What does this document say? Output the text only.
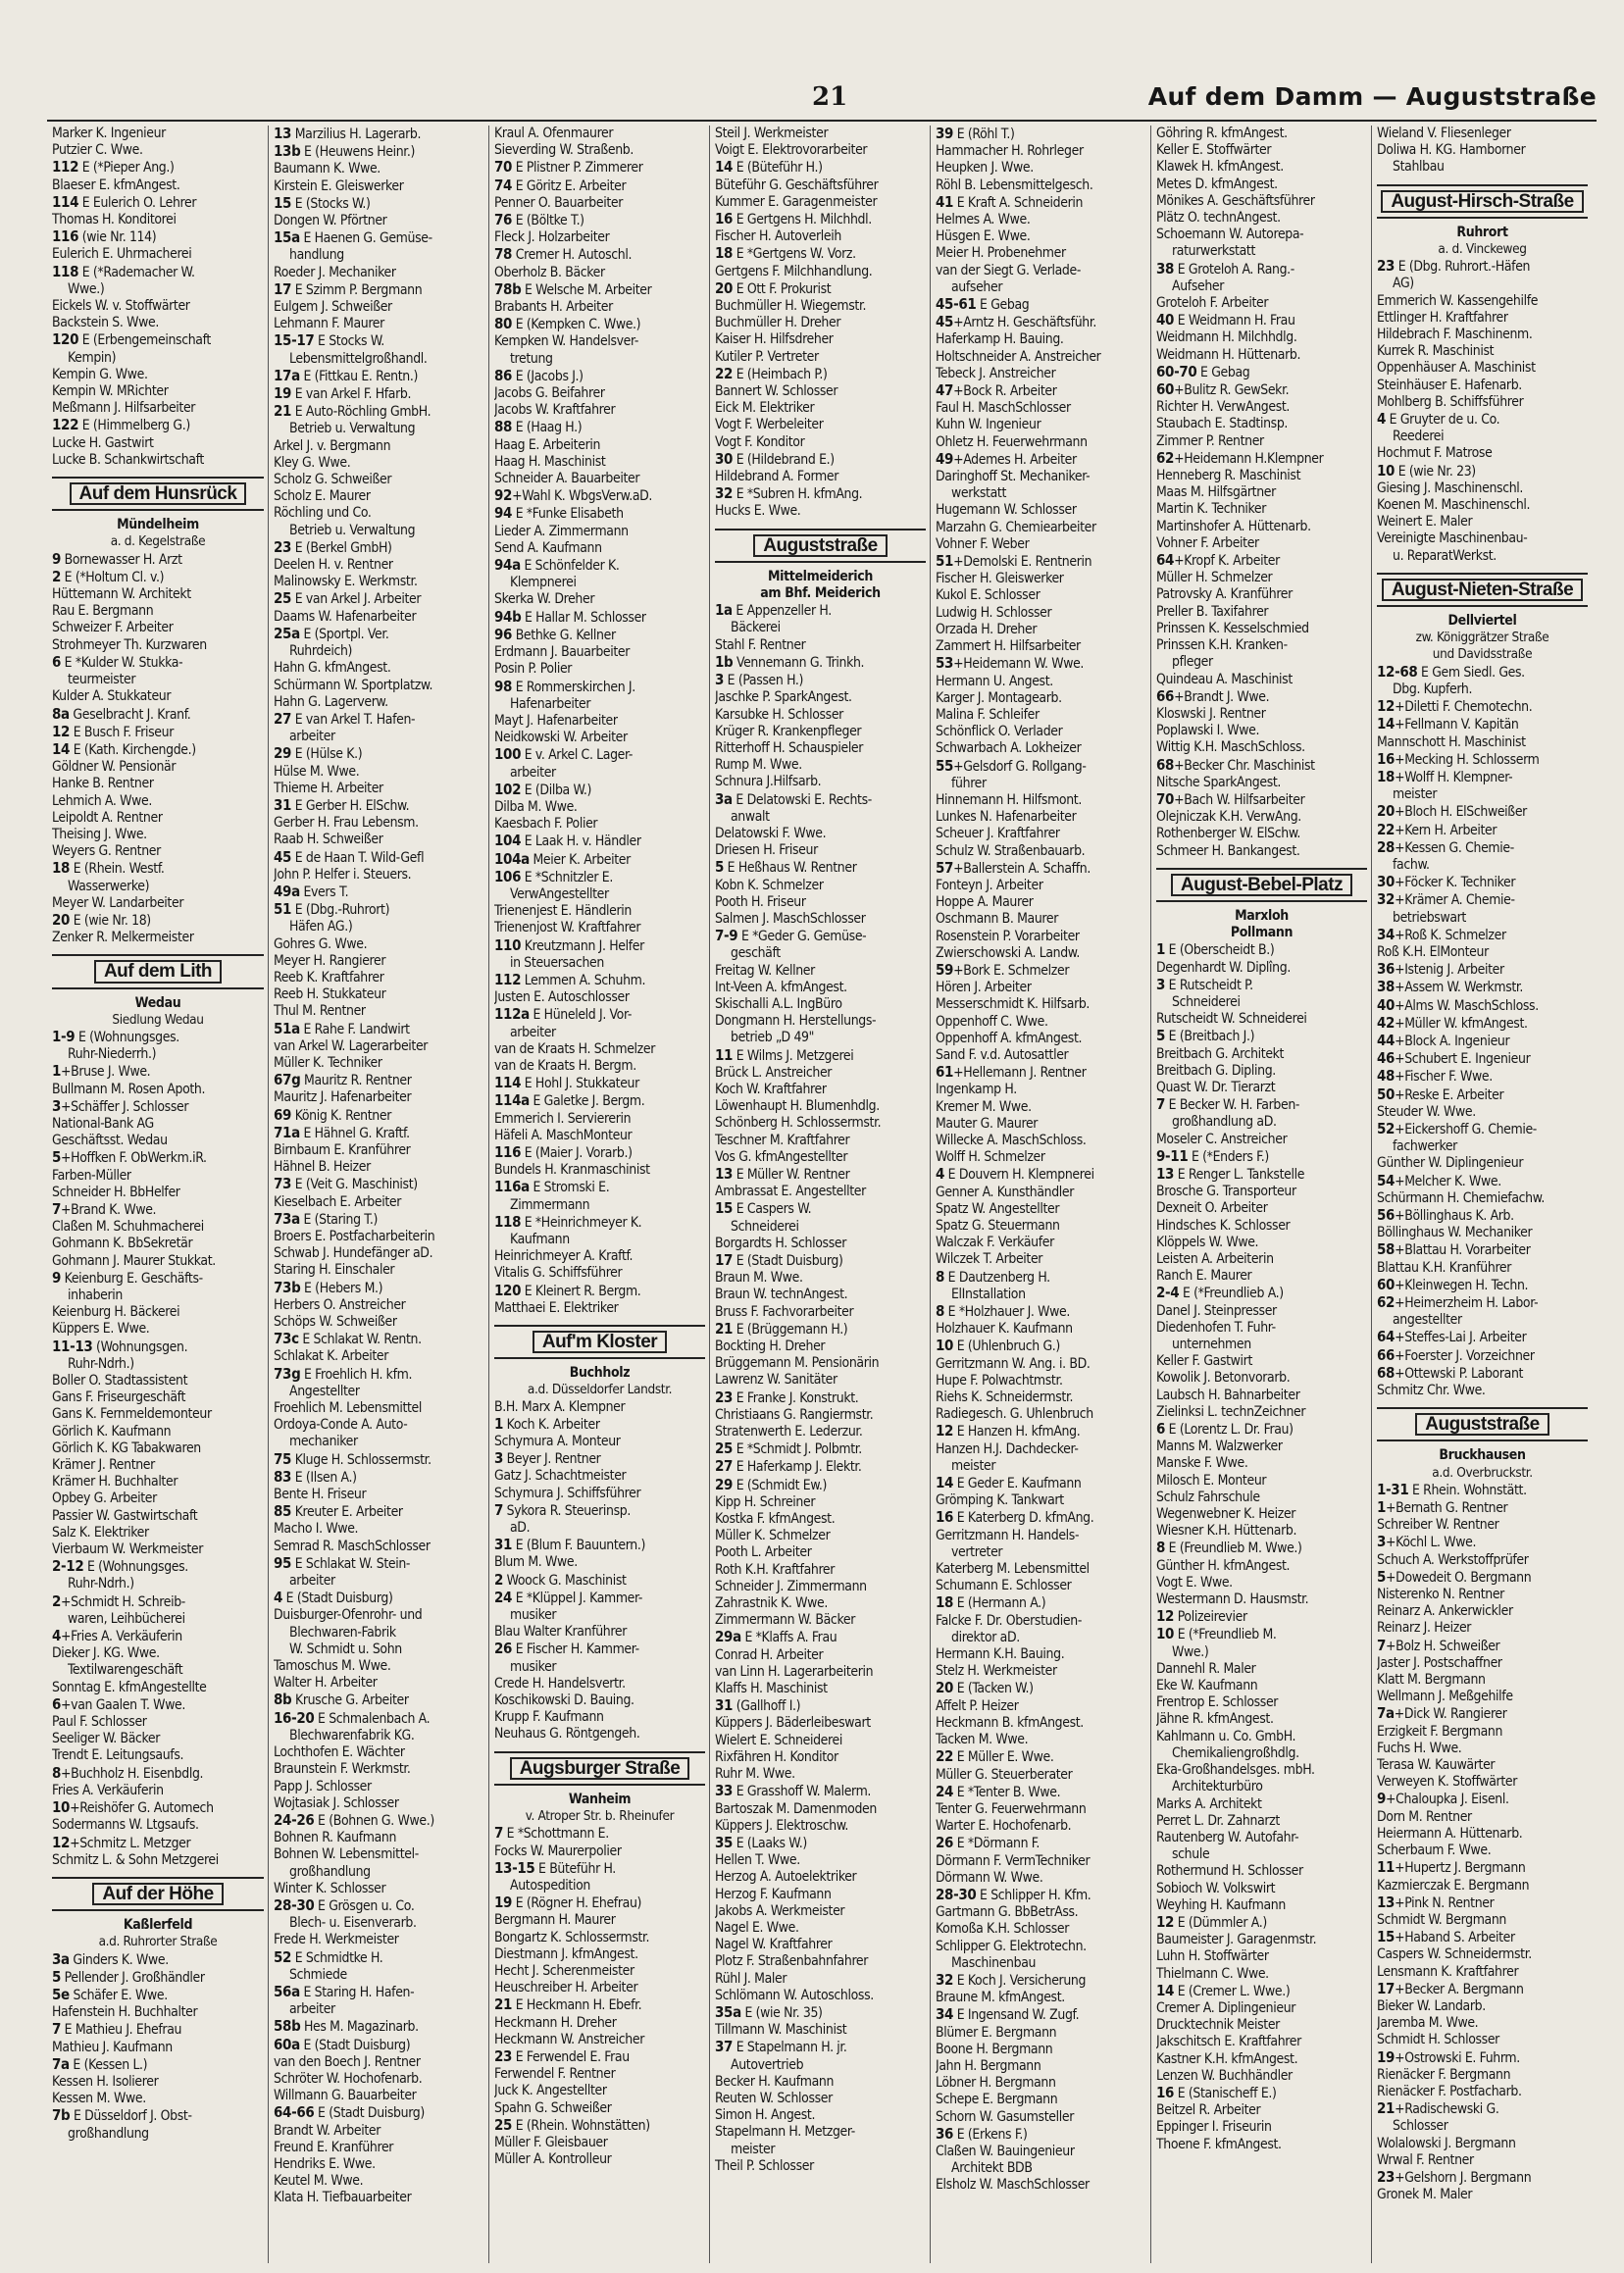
21	Auf dem Damm — Auguststraße
Marker K. Ingenieur
Putzier C. Wwe.
112 E (*Pieper Ang.)
Blaeser E. kfmAngest.
114 E Eulerich O. Lehrer
Thomas H. Konditorei
116 (wie Nr. 114)
Eulerich E. Uhrmacherei
118 E (*Rademacher W.
Wwe.)
Eickels W. v. Stoffwärter
Backstein S. Wwe.
120 E (Erbengemeinschaft
Kempin)
Kempin G. Wwe.
Kempin W. MRichter
Meßmann J. Hilfsarbeiter
122 E (Himmelberg G.)
Lucke H. Gastwirt
Lucke B. Schankwirtschaft
Auf dem Hunsrück
Mündelheim
a. d. Kegelstraße
9 Bornewasser H. Arzt
2 E (*Holtum Cl. v.)
Hüttemann W. Architekt
Rau E. Bergmann
Schweizer F. Arbeiter
Strohmeyer Th. Kurzwaren
6 E *Kulder W. Stukka-
teurmeister
Kulder A. Stukkateur
8a Geselbracht J. Kranf.
12 E Busch F. Friseur
14 E (Kath. Kirchengde.)
Göldner W. Pensionär
Hanke B. Rentner
Lehmich A. Wwe.
Leipoldt A. Rentner
Theising J. Wwe.
Weyers G. Rentner
18 E (Rhein. Westf.
Wasserwerke)
Meyer W. Landarbeiter
20 E (wie Nr. 18)
Zenker R. Melkermeister
Auf dem Lith
Wedau
Siedlung Wedau
1-9 E (Wohnungsges.
Ruhr-Niederrh.)
1+Bruse J. Wwe.
Bullmann M. Rosen Apoth.
3+Schäffer J. Schlosser
National-Bank AG
Geschäftsst. Wedau
5+Hoffken F. ObWerkm.iR.
Farben-Müller
Schneider H. BbHelfer
7+Brand K. Wwe.
Claßen M. Schuhmacherei
Gohmann K. BbSekretär
Gohmann J. Maurer Stukkat.
9 Keienburg E. Geschäfts-
inhaberin
Keienburg H. Bäckerei
Küppers E. Wwe.
11-13 (Wohnungsgen.
Ruhr-Ndrh.)
Boller O. Stadtassistent
Gans F. Friseurgeschäft
Gans K. Fernmeldemonteur
Görlich K. Kaufmann
Görlich K. KG Tabakwaren
Krämer J. Rentner
Krämer H. Buchhalter
Opbey G. Arbeiter
Passier W. Gastwirtschaft
Salz K. Elektriker
Vierbaum W. Werkmeister
2-12 E (Wohnungsges.
Ruhr-Ndrh.)
2+Schmidt H. Schreib-
waren, Leihbücherei
4+Fries A. Verkäuferin
Dieker J. KG. Wwe.
Textilwarengeschäft
Sonntag E. kfmAngestellte
6+van Gaalen T. Wwe.
Paul F. Schlosser
Seeliger W. Bäcker
Trendt E. Leitungsaufs.
8+Buchholz H. Eisenbdlg.
Fries A. Verkäuferin
10+Reishöfer G. Automech
Sodermanns W. Ltgsaufs.
12+Schmitz L. Metzger
Schmitz L. & Sohn Metzgerei
Auf der Höhe
Kaßlerfeld
a.d. Ruhrorter Straße
3a Ginders K. Wwe.
5 Pellender J. Großhändler
5e Schäfer E. Wwe.
Hafenstein H. Buchhalter
7 E Mathieu J. Ehefrau
Mathieu J. Kaufmann
7a E (Kessen L.)
Kessen H. Isolierer
Kessen M. Wwe.
7b E Düsseldorf J. Obst-
großhandlung
13 Marzilius H. Lagerarb.
13b E (Heuwens Heinr.)
Baumann K. Wwe.
Kirstein E. Gleiswerker
15 E (Stocks W.)
Dongen W. Pförtner
15a E Haenen G. Gemüse-
handlung
Roeder J. Mechaniker
17 E Szimm P. Bergmann
Eulgem J. Schweißer
Lehmann F. Maurer
15-17 E Stocks W.
Lebensmittelgroßhandl.
17a E (Fittkau E. Rentn.)
19 E van Arkel F. Hfarb.
21 E Auto-Röchling GmbH.
Betrieb u. Verwaltung
Arkel J. v. Bergmann
Kley G. Wwe.
Scholz G. Schweißer
Scholz E. Maurer
Röchling und Co.
Betrieb u. Verwaltung
23 E (Berkel GmbH)
Deelen H. v. Rentner
Malinowsky E. Werkmstr.
25 E van Arkel J. Arbeiter
Daams W. Hafenarbeiter
25a E (Sportpl. Ver.
Ruhrdeich)
Hahn G. kfmAngest.
Schürmann W. Sportplatzw.
Hahn G. Lagerverw.
27 E van Arkel T. Hafen-
arbeiter
29 E (Hülse K.)
Hülse M. Wwe.
Thieme H. Arbeiter
31 E Gerber H. ElSchw.
Gerber H. Frau Lebensm.
Raab H. Schweißer
45 E de Haan T. Wild-Gefl
John P. Helfer i. Steuers.
49a Evers T.
51 E (Dbg.-Ruhrort)
Häfen AG.)
Gohres G. Wwe.
Meyer H. Rangierer
Reeb K. Kraftfahrer
Reeb H. Stukkateur
Thul M. Rentner
51a E Rahe F. Landwirt
van Arkel W. Lagerarbeiter
Müller K. Techniker
67g Mauritz R. Rentner
Mauritz J. Hafenarbeiter
69 König K. Rentner
71a E Hähnel G. Kraftf.
Birnbaum E. Kranführer
Hähnel B. Heizer
73 E (Veit G. Maschinist)
Kieselbach E. Arbeiter
73a E (Staring T.)
Broers E. Postfacharbeiterin
Schwab J. Hundefänger aD.
Staring H. Einschaler
73b E (Hebers M.)
Herbers O. Anstreicher
Schöps W. Schweißer
73c E Schlakat W. Rentn.
Schlakat K. Arbeiter
73g E Froehlich H. kfm.
Angestellter
Froehlich M. Lebensmittel
Ordoya-Conde A. Auto-
mechaniker
75 Kluge H. Schlossermstr.
83 E (Ilsen A.)
Bente H. Friseur
85 Kreuter E. Arbeiter
Macho I. Wwe.
Semrad R. MaschSchlosser
95 E Schlakat W. Stein-
arbeiter
4 E (Stadt Duisburg)
Duisburger-Ofenrohr- und
Blechwaren-Fabrik
W. Schmidt u. Sohn
Tamoschus M. Wwe.
Walter H. Arbeiter
8b Krusche G. Arbeiter
16-20 E Schmalenbach A.
Blechwarenfabrik KG.
Lochthofen E. Wächter
Braunstein F. Werkmstr.
Papp J. Schlosser
Wojtasiak J. Schlosser
24-26 E (Bohnen G. Wwe.)
Bohnen R. Kaufmann
Bohnen W. Lebensmittel-
großhandlung
Winter K. Schlosser
28-30 E Grösgen u. Co.
Blech- u. Eisenverarb.
Frede H. Werkmeister
52 E Schmidtke H.
Schmiede
56a E Staring H. Hafen-
arbeiter
58b Hes M. Magazinarb.
60a E (Stadt Duisburg)
van den Boech J. Rentner
Schröter W. Hochofenarb.
Willmann G. Bauarbeiter
64-66 E (Stadt Duisburg)
Brandt W. Arbeiter
Freund E. Kranführer
Hendriks E. Wwe.
Keutel M. Wwe.
Klata H. Tiefbauarbeiter
Kraul A. Ofenmaurer
Sieverding W. Straßenb.
70 E Plistner P. Zimmerer
74 E Göritz E. Arbeiter
Penner O. Bauarbeiter
76 E (Böltke T.)
Fleck J. Holzarbeiter
78 Cremer H. Autoschl.
Oberholz B. Bäcker
78b E Welsche M. Arbeiter
Brabants H. Arbeiter
80 E (Kempken C. Wwe.)
Kempken W. Handelsver-
tretung
86 E (Jacobs J.)
Jacobs G. Beifahrer
Jacobs W. Kraftfahrer
88 E (Haag H.)
Haag E. Arbeiterin
Haag H. Maschinist
Schneider A. Bauarbeiter
92+Wahl K. WbgsVerw.aD.
94 E *Funke Elisabeth
Lieder A. Zimmermann
Send A. Kaufmann
94a E Schönfelder K.
Klempnerei
Skerka W. Dreher
94b E Hallar M. Schlosser
96 Bethke G. Kellner
Erdmann J. Bauarbeiter
Posin P. Polier
98 E Rommerskirchen J.
Hafenarbeiter
Mayt J. Hafenarbeiter
Neidkowski W. Arbeiter
100 E v. Arkel C. Lager-
arbeiter
102 E (Dilba W.)
Dilba M. Wwe.
Kaesbach F. Polier
104 E Laak H. v. Händler
104a Meier K. Arbeiter
106 E *Schnitzler E.
VerwAngestellter
Trienenjest E. Händlerin
Trienenjost W. Kraftfahrer
110 Kreutzmann J. Helfer
in Steuersachen
112 Lemmen A. Schuhm.
Justen E. Autoschlosser
112a E Hüneleld J. Vor-
arbeiter
van de Kraats H. Schmelzer
van de Kraats H. Bergm.
114 E Hohl J. Stukkateur
114a E Galetke J. Bergm.
Emmerich I. Serviererin
Häfeli A. MaschMonteur
116 E (Maier J. Vorarb.)
Bundels H. Kranmaschinist
116a E Stromski E.
Zimmermann
118 E *Heinrichmeyer K.
Kaufmann
Heinrichmeyer A. Kraftf.
Vitalis G. Schiffsführer
120 E Kleinert R. Bergm.
Matthaei E. Elektriker
Auf'm Kloster
Buchholz
a.d. Düsseldorfer Landstr.
B.H. Marx A. Klempner
1 Koch K. Arbeiter
Schymura A. Monteur
3 Beyer J. Rentner
Gatz J. Schachtmeister
Schymura J. Schiffsführer
7 Sykora R. Steuerinsp.
aD.
31 E (Blum F. Bauuntern.)
Blum M. Wwe.
2 Woock G. Maschinist
24 E *Klüppel J. Kammer-
musiker
Blau Walter Kranführer
26 E Fischer H. Kammer-
musiker
Crede H. Handelsvertr.
Koschikowski D. Bauing.
Krupp F. Kaufmann
Neuhaus G. Röntgengeh.
Augsburger Straße
Wanheim
v. Atroper Str. b. Rheinufer
7 E *Schottmann E.
Focks W. Maurerpolier
13-15 E Büteführ H.
Autospedition
19 E (Rögner H. Ehefrau)
Bergmann H. Maurer
Bongartz K. Schlossermstr.
Diestmann J. kfmAngest.
Hecht J. Scherenmeister
Heuschreiber H. Arbeiter
21 E Heckmann H. Ebefr.
Heckmann H. Dreher
Heckmann W. Anstreicher
23 E Ferwendel E. Frau
Ferwendel F. Rentner
Juck K. Angestellter
Spahn G. Schweißer
25 E (Rhein. Wohnstätten)
Müller F. Gleisbauer
Müller A. Kontrolleur
Steil J. Werkmeister
Voigt E. Elektrovorarbeiter
14 E (Büteführ H.)
Büteführ G. Geschäftsführer
Kummer E. Garagenmeister
16 E Gertgens H. Milchhdl.
Fischer H. Autoverleih
18 E *Gertgens W. Vorz.
Gertgens F. Milchhandlung.
20 E Ott F. Prokurist
Buchmüller H. Wiegemstr.
Buchmüller H. Dreher
Kaiser H. Hilfsdreher
Kutiler P. Vertreter
22 E (Heimbach P.)
Bannert W. Schlosser
Eick M. Elektriker
Vogt F. Werbeleiter
Vogt F. Konditor
30 E (Hildebrand E.)
Hildebrand A. Former
32 E *Subren H. kfmAng.
Hucks E. Wwe.
Auguststraße
Mittelmeiderich
am Bhf. Meiderich
1a E Appenzeller H.
Bäckerei
Stahl F. Rentner
1b Vennemann G. Trinkh.
3 E (Passen H.)
Jaschke P. SparkAngest.
Karsubke H. Schlosser
Krüger R. Krankenpfleger
Ritterhoff H. Schauspieler
Rump M. Wwe.
Schnura J.Hilfsarb.
3a E Delatowski E. Rechts-
anwalt
Delatowski F. Wwe.
Driesen H. Friseur
5 E Heßhaus W. Rentner
Kobn K. Schmelzer
Pooth H. Friseur
Salmen J. MaschSchlosser
7-9 E *Geder G. Gemüse-
geschäft
Freitag W. Kellner
Int-Veen A. kfmAngest.
Skischalli A.L. IngBüro
Dongmann H. Herstellungs-
betrieb „D 49"
11 E Wilms J. Metzgerei
Brück L. Anstreicher
Koch W. Kraftfahrer
Löwenhaupt H. Blumenhdlg.
Schönberg H. Schlossermstr.
Teschner M. Kraftfahrer
Vos G. kfmAngestellter
13 E Müller W. Rentner
Ambrassat E. Angestellter
15 E Caspers W.
Schneiderei
Borgardts H. Schlosser
17 E (Stadt Duisburg)
Braun M. Wwe.
Braun W. technAngest.
Bruss F. Fachvorarbeiter
21 E (Brüggemann H.)
Bockting H. Dreher
Brüggemann M. Pensionärin
Lawrenz W. Sanitäter
23 E Franke J. Konstrukt.
Christiaans G. Rangiermstr.
Stratenwerth E. Lederzur.
25 E *Schmidt J. Polbmtr.
27 E Haferkamp J. Elektr.
29 E (Schmidt Ew.)
Kipp H. Schreiner
Kostka F. kfmAngest.
Müller K. Schmelzer
Pooth L. Arbeiter
Roth K.H. Kraftfahrer
Schneider J. Zimmermann
Zahrastnik K. Wwe.
Zimmermann W. Bäcker
29a E *Klaffs A. Frau
Conrad H. Arbeiter
van Linn H. Lagerarbeiterin
Klaffs H. Maschinist
31 (Gallhoff I.)
Küppers J. Bäderleibeswart
Wielert E. Schneiderei
Rixfähren H. Konditor
Ruhr M. Wwe.
33 E Grasshoff W. Malerm.
Bartoszak M. Damenmoden
Küppers J. Elektroschw.
35 E (Laaks W.)
Hellen T. Wwe.
Herzog A. Autoelektriker
Herzog F. Kaufmann
Jakobs A. Werkmeister
Nagel E. Wwe.
Nagel W. Kraftfahrer
Plotz F. Straßenbahnfahrer
Rühl J. Maler
Schlömann W. Autoschloss.
35a E (wie Nr. 35)
Tillmann W. Maschinist
37 E Stapelmann H. jr.
Autovertrieb
Becker H. Kaufmann
Reuten W. Schlosser
Simon H. Angest.
Stapelmann H. Metzger-
meister
Theil P. Schlosser
39 E (Röhl T.)
Hammacher H. Rohrleger
Heupken J. Wwe.
Röhl B. Lebensmittelgesch.
41 E Kraft A. Schneiderin
Helmes A. Wwe.
Hüsgen E. Wwe.
Meier H. Probenehmer
van der Siegt G. Verlade-
aufseher
45-61 E Gebag
45+Arntz H. Geschäftsführ.
Haferkamp H. Bauing.
Holtschneider A. Anstreicher
Tebeck J. Anstreicher
47+Bock R. Arbeiter
Faul H. MaschSchlosser
Kuhn W. Ingenieur
Ohletz H. Feuerwehrmann
49+Ademes H. Arbeiter
Daringhoff St. Mechaniker-
werkstatt
Hugemann W. Schlosser
Marzahn G. Chemiearbeiter
Vohner F. Weber
51+Demolski E. Rentnerin
Fischer H. Gleiswerker
Kukol E. Schlosser
Ludwig H. Schlosser
Orzada H. Dreher
Zammert H. Hilfsarbeiter
53+Heidemann W. Wwe.
Hermann U. Angest.
Karger J. Montagearb.
Malina F. Schleifer
Schönflick O. Verlader
Schwarbach A. Lokheizer
55+Gelsdorf G. Rollgang-
führer
Hinnemann H. Hilfsmont.
Lunkes N. Hafenarbeiter
Scheuer J. Kraftfahrer
Schulz W. Straßenbauarb.
57+Ballerstein A. Schaffn.
Fonteyn J. Arbeiter
Hoppe A. Maurer
Oschmann B. Maurer
Rosenstein P. Vorarbeiter
Zwierschowski A. Landw.
59+Bork E. Schmelzer
Hören J. Arbeiter
Messerschmidt K. Hilfsarb.
Oppenhoff C. Wwe.
Oppenhoff A. kfmAngest.
Sand F. v.d. Autosattler
61+Hellemann J. Rentner
Ingenkamp H.
Kremer M. Wwe.
Mauter G. Maurer
Willecke A. MaschSchloss.
Wolff H. Schmelzer
4 E Douvern H. Klempnerei
Genner A. Kunsthändler
Spatz W. Angestellter
Spatz G. Steuermann
Walczak F. Verkäufer
Wilczek T. Arbeiter
8 E Dautzenberg H.
ElInstallation
8 E *Holzhauer J. Wwe.
Holzhauer K. Kaufmann
10 E (Uhlenbruch G.)
Gerritzmann W. Ang. i. BD.
Hupe F. Polwachtmstr.
Riehs K. Schneidermstr.
Radiegesch. G. Uhlenbruch
12 E Hanzen H. kfmAng.
Hanzen H.J. Dachdecker-
meister
14 E Geder E. Kaufmann
Grömping K. Tankwart
16 E Katerberg D. kfmAng.
Gerritzmann H. Handels-
vertreter
Katerberg M. Lebensmittel
Schumann E. Schlosser
18 E (Hermann A.)
Falcke F. Dr. Oberstudien-
direktor aD.
Hermann K.H. Bauing.
Stelz H. Werkmeister
20 E (Tacken W.)
Affelt P. Heizer
Heckmann B. kfmAngest.
Tacken M. Wwe.
22 E Müller E. Wwe.
Müller G. Steuerberater
24 E *Tenter B. Wwe.
Tenter G. Feuerwehrmann
Warter E. Hochofenarb.
26 E *Dörmann F.
Dörmann F. VermTechniker
Dörmann W. Wwe.
28-30 E Schlipper H. Kfm.
Gartmann G. BbBetrAss.
Komoßa K.H. Schlosser
Schlipper G. Elektrotechn.
Maschinenbau
32 E Koch J. Versicherung
Braune M. kfmAngest.
34 E Ingensand W. Zugf.
Blümer E. Bergmann
Boone H. Bergmann
Jahn H. Bergmann
Löbner H. Bergmann
Schepe E. Bergmann
Schorn W. Gasumsteller
36 E (Erkens F.)
Claßen W. Bauingenieur
Architekt BDB
Elsholz W. MaschSchlosser
Göhring R. kfmAngest.
Keller E. Stoffwärter
Klawek H. kfmAngest.
Metes D. kfmAngest.
Mönikes A. Geschäftsführer
Plätz O. technAngest.
Schoemann W. Autorepa-
raturwerkstatt
38 E Groteloh A. Rang.-
Aufseher
Groteloh F. Arbeiter
40 E Weidmann H. Frau
Weidmann H. Milchhdlg.
Weidmann H. Hüttenarb.
60-70 E Gebag
60+Bulitz R. GewSekr.
Richter H. VerwAngest.
Staubach E. Stadtinsp.
Zimmer P. Rentner
62+Heidemann H.Klempner
Henneberg R. Maschinist
Maas M. Hilfsgärtner
Martin K. Techniker
Martinshofer A. Hüttenarb.
Vohner F. Arbeiter
64+Kropf K. Arbeiter
Müller H. Schmelzer
Patrovsky A. Kranführer
Preller B. Taxifahrer
Prinssen K. Kesselschmied
Prinssen K.H. Kranken-
pfleger
Quindeau A. Maschinist
66+Brandt J. Wwe.
Kloswski J. Rentner
Poplawski I. Wwe.
Wittig K.H. MaschSchloss.
68+Becker Chr. Maschinist
Nitsche SparkAngest.
70+Bach W. Hilfsarbeiter
Olejniczak K.H. VerwAng.
Rothenberger W. ElSchw.
Schmeer H. Bankangest.
August-Bebel-Platz
Marxloh
Pollmann
1 E (Oberscheidt B.)
Degenhardt W. Diplîng.
3 E Rutscheidt P.
Schneiderei
Rutscheidt W. Schneiderei
5 E (Breitbach J.)
Breitbach G. Architekt
Breitbach G. Dipling.
Quast W. Dr. Tierarzt
7 E Becker W. H. Farben-
großhandlung aD.
Moseler C. Anstreicher
9-11 E (*Enders F.)
13 E Renger L. Tankstelle
Brosche G. Transporteur
Dexneit O. Arbeiter
Hindsches K. Schlosser
Klöppels W. Wwe.
Leisten A. Arbeiterin
Ranch E. Maurer
2-4 E (*Freundlieb A.)
Danel J. Steinpresser
Diedenhofen T. Fuhr-
unternehmen
Keller F. Gastwirt
Kowolik J. Betonvorarb.
Laubsch H. Bahnarbeiter
Zielinksi L. technZeichner
6 E (Lorentz L. Dr. Frau)
Manns M. Walzwerker
Manske F. Wwe.
Milosch E. Monteur
Schulz Fahrschule
Wegenwebner K. Heizer
Wiesner K.H. Hüttenarb.
8 E (Freundlieb M. Wwe.)
Günther H. kfmAngest.
Vogt E. Wwe.
Westermann D. Hausmstr.
12 Polizeirevier
10 E (*Freundlieb M.
Wwe.)
Dannehl R. Maler
Eke W. Kaufmann
Frentrop E. Schlosser
Jähne R. kfmAngest.
Kahlmann u. Co. GmbH.
Chemikaliengroßhdlg.
Eka-Großhandelsges. mbH.
Architekturbüro
Marks A. Architekt
Perret L. Dr. Zahnarzt
Rautenberg W. Autofahr-
schule
Rothermund H. Schlosser
Sobioch W. Volkswirt
Weyhing H. Kaufmann
12 E (Dümmler A.)
Baumeister J. Garagenmstr.
Luhn H. Stoffwärter
Thielmann C. Wwe.
14 E (Cremer L. Wwe.)
Cremer A. Diplingenieur
Drucktechnik Meister
Jakschitsch E. Kraftfahrer
Kastner K.H. kfmAngest.
Lenzen W. Buchhändler
16 E (Stanischeff E.)
Beitzel R. Arbeiter
Eppinger I. Friseurin
Thoene F. kfmAngest.
Wieland V. Fliesenleger
Doliwa H. KG. Hamborner
Stahlbau
August-Hirsch-Straße
Ruhrort
a. d. Vinckeweg
23 E (Dbg. Ruhrort.-Häfen
AG)
Emmerich W. Kassengehilfe
Ettlinger H. Kraftfahrer
Hildebrach F. Maschinenm.
Kurrek R. Maschinist
Oppenhäuser A. Maschinist
Steinhäuser E. Hafenarb.
Mohlberg B. Schiffsführer
4 E Gruyter de u. Co.
Reederei
Hochmut F. Matrose
10 E (wie Nr. 23)
Giesing J. Maschinenschl.
Koenen M. Maschinenschl.
Weinert E. Maler
Vereinigte Maschinenbau-
u. ReparatWerkst.
August-Nieten-Straße
Dellviertel
zw. Königgrätzer Straße
und Davidsstraße
12-68 E Gem Siedl. Ges.
Dbg. Kupferh.
12+Diletti F. Chemotechn.
14+Fellmann V. Kapitän
Mannschott H. Maschinist
16+Mecking H. Schlosserm
18+Wolff H. Klempner-
meister
20+Bloch H. ElSchweißer
22+Kern H. Arbeiter
28+Kessen G. Chemie-
fachw.
30+Föcker K. Techniker
32+Krämer A. Chemie-
betriebswart
34+Roß K. Schmelzer
Roß K.H. ElMonteur
36+Istenig J. Arbeiter
38+Assem W. Werkmstr.
40+Alms W. MaschSchloss.
42+Müller W. kfmAngest.
44+Block A. Ingenieur
46+Schubert E. Ingenieur
48+Fischer F. Wwe.
50+Reske E. Arbeiter
Steuder W. Wwe.
52+Eickershoff G. Chemie-
fachwerker
Günther W. Diplingenieur
54+Melcher K. Wwe.
Schürmann H. Chemiefachw.
56+Böllinghaus K. Arb.
Böllinghaus W. Mechaniker
58+Blattau H. Vorarbeiter
Blattau K.H. Kranführer
60+Kleinwegen H. Techn.
62+Heimerzheim H. Labor-
angestellter
64+Steffes-Lai J. Arbeiter
66+Foerster J. Vorzeichner
68+Ottewski P. Laborant
Schmitz Chr. Wwe.
Auguststraße
Bruckhausen
a.d. Overbruckstr.
1-31 E Rhein. Wohnstätt.
1+Bernath G. Rentner
Schreiber W. Rentner
3+Köchl L. Wwe.
Schuch A. Werkstoffprüfer
5+Dowedeit O. Bergmann
Nisterenko N. Rentner
Reinarz A. Ankerwickler
Reinarz J. Heizer
7+Bolz H. Schweißer
Jaster J. Postschaffner
Klatt M. Bergmann
Wellmann J. Meßgehilfe
7a+Dick W. Rangierer
Erzigkeit F. Bergmann
Fuchs H. Wwe.
Terasa W. Kauwärter
Verweyen K. Stoffwärter
9+Chaloupka J. Eisenl.
Dorn M. Rentner
Heiermann A. Hüttenarb.
Scherbaum F. Wwe.
11+Hupertz J. Bergmann
Kazmierczak E. Bergmann
13+Pink N. Rentner
Schmidt W. Bergmann
15+Haband S. Arbeiter
Caspers W. Schneidermstr.
Lensmann K. Kraftfahrer
17+Becker A. Bergmann
Bieker W. Landarb.
Jaremba M. Wwe.
Schmidt H. Schlosser
19+Ostrowski E. Fuhrm.
Rienäcker F. Bergmann
Rienäcker F. Postfacharb.
21+Radischewski G.
Schlosser
Wolalowski J. Bergmann
Wrwal F. Rentner
23+Gelshorn J. Bergmann
Gronek M. Maler
